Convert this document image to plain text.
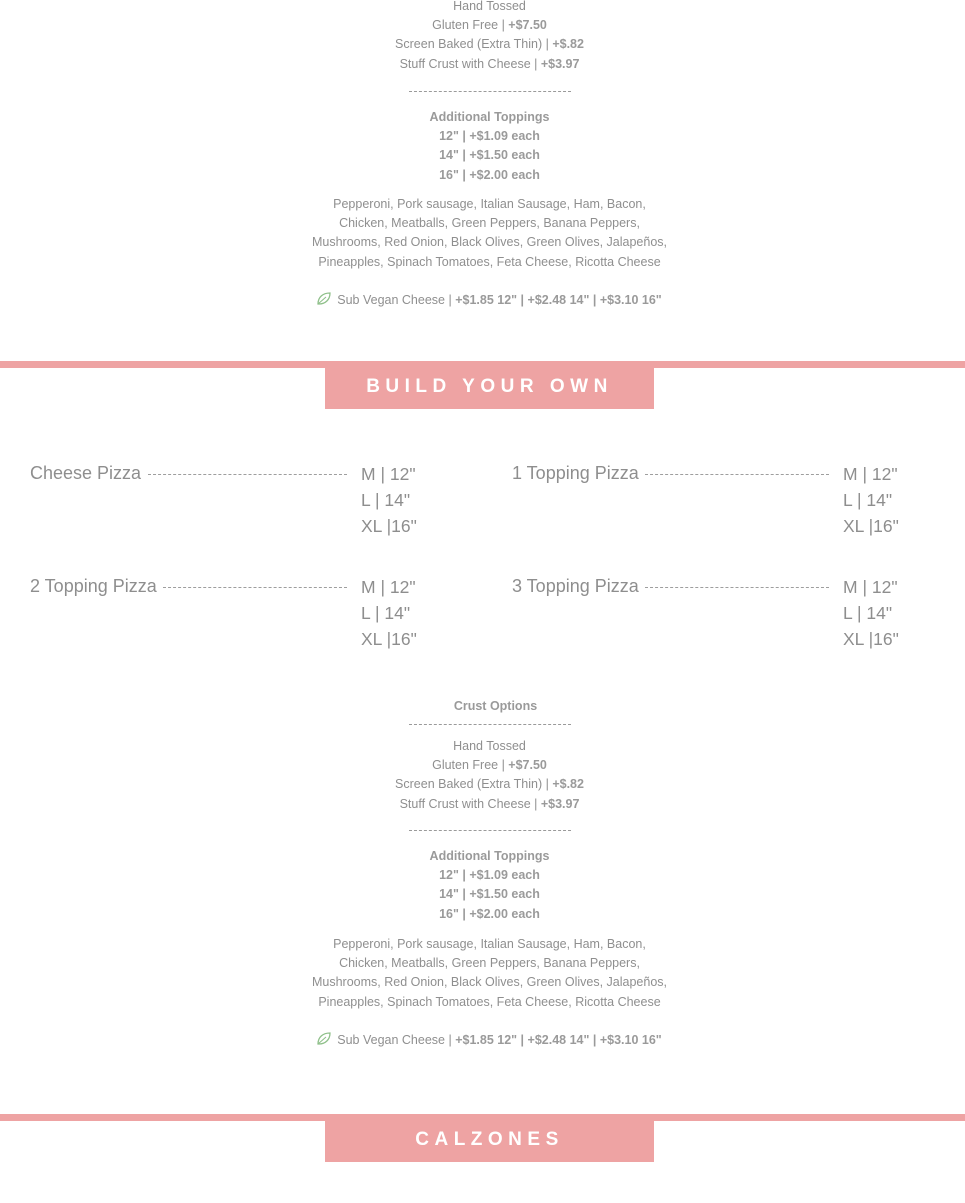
Hand Tossed
Gluten Free | +$7.50
Screen Baked (Extra Thin) | +$.82
Stuff Crust with Cheese | +$3.97
Additional Toppings
12" | +$1.09 each
14" | +$1.50 each
16" | +$2.00 each
Pepperoni, Pork sausage, Italian Sausage, Ham, Bacon,
Chicken, Meatballs, Green Peppers, Banana Peppers,
Mushrooms, Red Onion, Black Olives, Green Olives, Jalapeños,
Pineapples, Spinach Tomatoes, Feta Cheese, Ricotta Cheese
Sub Vegan Cheese | +$1.85 12" | +$2.48 14" | +$3.10 16"
BUILD YOUR OWN PIZZA
Cheese Pizza	M | 12"
L | 14"
XL |16"
1 Topping Pizza	M | 12"
L | 14"
XL |16"
2 Topping Pizza	M | 12"
L | 14"
XL |16"
3 Topping Pizza	M | 12"
L | 14"
XL |16"
Crust Options
Hand Tossed
Gluten Free | +$7.50
Screen Baked (Extra Thin) | +$.82
Stuff Crust with Cheese | +$3.97
Additional Toppings
12" | +$1.09 each
14" | +$1.50 each
16" | +$2.00 each
Pepperoni, Pork sausage, Italian Sausage, Ham, Bacon,
Chicken, Meatballs, Green Peppers, Banana Peppers,
Mushrooms, Red Onion, Black Olives, Green Olives, Jalapeños,
Pineapples, Spinach Tomatoes, Feta Cheese, Ricotta Cheese
Sub Vegan Cheese | +$1.85 12" | +$2.48 14" | +$3.10 16"
CALZONES
